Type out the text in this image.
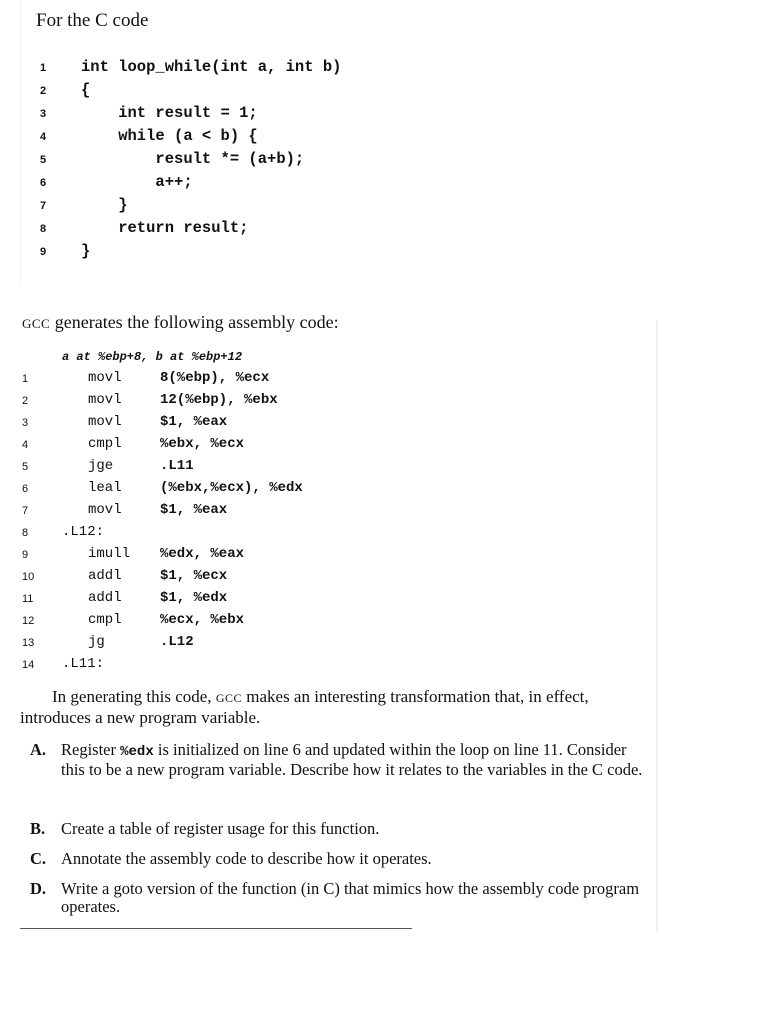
For the C code
1 int loop_while(int a, int b)
2 {
3 int result = 1;
4 while (a < b) {
5 result *= (a+b);
6 a++;
7 }
8 return result;
9 }
GCC generates the following assembly code:
a at %ebp+8, b at %ebp+12
1	movl	8(%ebp), %ecx
2	movl	12(%ebp), %ebx
3	movl	$1, %eax
4	cmpl	%ebx, %ecx
5	jge	.L11
6	leal	(%ebx,%ecx), %edx
7	movl	$1, %eax
8	.L12:
9	imull %edx, %eax
10	addl	$1, %ecx
11	addl	$1, %edx
12	cmpl	%ecx, %ebx
13	jg	.L12
14	.L11:
In generating this code, GCC makes an interesting transformation that, in effect, introduces a new program variable.
A. Register %edx is initialized on line 6 and updated within the loop on line 11. Consider this to be a new program variable. Describe how it relates to the variables in the C code.
B. Create a table of register usage for this function.
C. Annotate the assembly code to describe how it operates.
D. Write a goto version of the function (in C) that mimics how the assembly code program operates.
